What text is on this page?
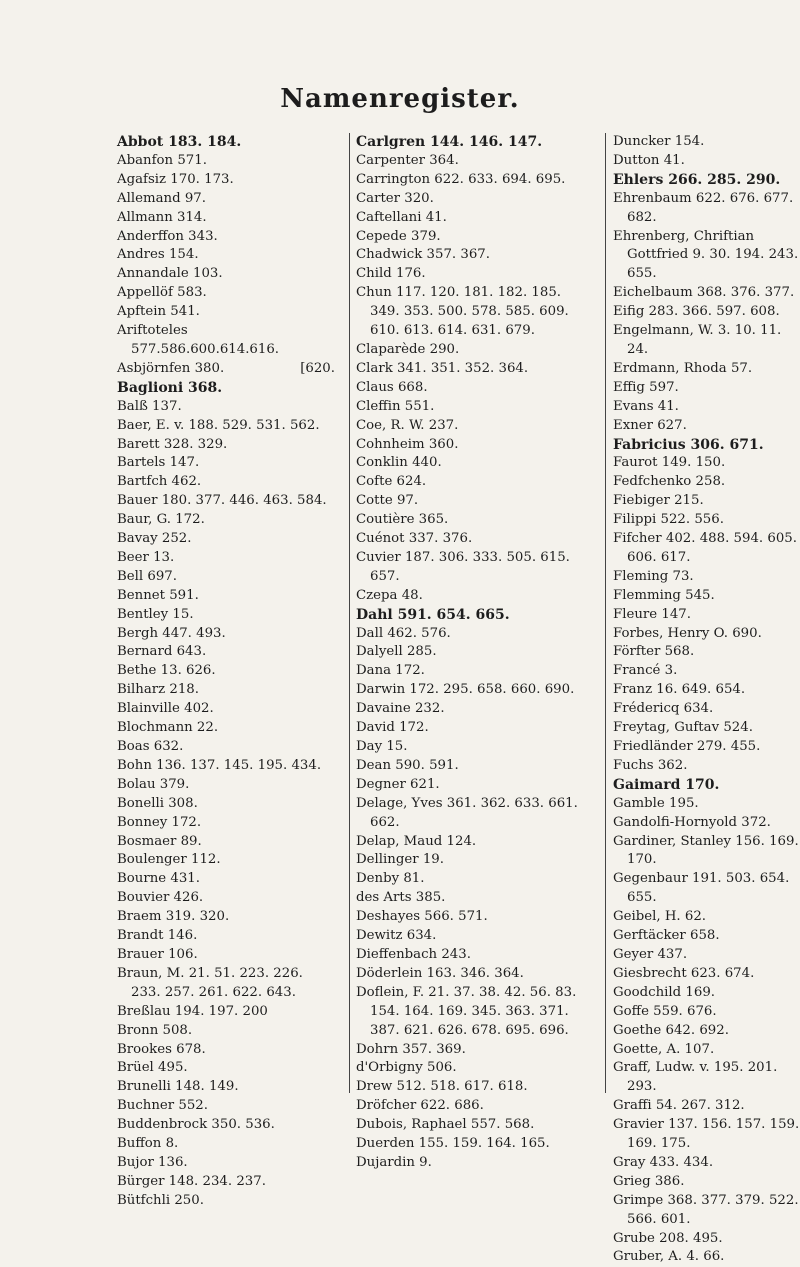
Namenregister.

Abbot 183. 184.

Abanfon 571.

Agafsiz 170. 173.

Allemand 97.

Allmann 314.

Anderffon 343.

Andres 154.

Annandale 103.

Appellöf 583.

Apftein 541.

Ariftoteles 577.586.600.614.616.

Asbjörnfen 380.	[620.

Baglioni 368.

Balß 137.

Baer, E. v. 188. 529. 531. 562.

Barett 328. 329.

Bartels 147.

Bartfch 462.

Bauer 180. 377. 446. 463. 584.

Baur, G. 172.

Bavay 252.

Beer 13.

Bell 697.

Bennet 591.

Bentley 15.

Bergh 447. 493.

Bernard 643.

Bethe 13. 626.

Bilharz 218.

Blainville 402.

Blochmann 22.

Boas 632.

Bohn 136. 137. 145. 195. 434.

Bolau 379.

Bonelli 308.

Bonney 172.

Bosmaer 89.

Boulenger 112.

Bourne 431.

Bouvier 426.

Braem 319. 320.

Brandt 146.

Brauer 106.

Braun, M. 21. 51. 223. 226. 233. 257. 261. 622. 643.

Breßlau 194. 197. 200

Bronn 508.

Brookes 678.

Brüel 495.

Brunelli 148. 149.

Buchner 552.

Buddenbrock 350. 536.

Buffon 8.

Bujor 136.

Bürger 148. 234. 237.

Bütfchli 250.

Carlgren 144. 146. 147.

Carpenter 364.

Carrington 622. 633. 694. 695.

Carter 320.

Caftellani 41.

Cepede 379.

Chadwick 357. 367.

Child 176.

Chun 117. 120. 181. 182. 185. 349. 353. 500. 578. 585. 609. 610. 613. 614. 631. 679.

Claparède 290.

Clark 341. 351. 352. 364.

Claus 668.

Cleffin 551.

Coe, R. W. 237.

Cohnheim 360.

Conklin 440.

Cofte 624.

Cotte 97.

Coutière 365.

Cuénot 337. 376.

Cuvier 187. 306. 333. 505. 615. 657.

Czepa 48.

Dahl 591. 654. 665.

Dall 462. 576.

Dalyell 285.

Dana 172.

Darwin 172. 295. 658. 660. 690.

Davaine 232.

David 172.

Day 15.

Dean 590. 591.

Degner 621.

Delage, Yves 361. 362. 633. 661. 662.

Delap, Maud 124.

Dellinger 19.

Denby 81.

des Arts 385.

Deshayes 566. 571.

Dewitz 634.

Dieffenbach 243.

Döderlein 163. 346. 364.

Doflein, F. 21. 37. 38. 42. 56. 83. 154. 164. 169. 345. 363. 371. 387. 621. 626. 678. 695. 696.

Dohrn 357. 369.

d'Orbigny 506.

Drew 512. 518. 617. 618.

Dröfcher 622. 686.

Dubois, Raphael 557. 568.

Duerden 155. 159. 164. 165.

Dujardin 9.

Duncker 154.

Dutton 41.

Ehlers 266. 285. 290.

Ehrenbaum 622. 676. 677. 682.

Ehrenberg, Chriftian Gottfried 9. 30. 194. 243. 655.

Eichelbaum 368. 376. 377.

Eifig 283. 366. 597. 608.

Engelmann, W. 3. 10. 11. 24.

Erdmann, Rhoda 57.

Effig 597.

Evans 41.

Exner 627.

Fabricius 306. 671.

Faurot 149. 150.

Fedfchenko 258.

Fiebiger 215.

Filippi 522. 556.

Fifcher 402. 488. 594. 605. 606. 617.

Fleming 73.

Flemming 545.

Fleure 147.

Forbes, Henry O. 690.

Förfter 568.

Francé 3.

Franz 16. 649. 654.

Frédericq 634.

Freytag, Guftav 524.

Friedländer 279. 455.

Fuchs 362.

Gaimard 170.

Gamble 195.

Gandolfi-Hornyold 372.

Gardiner, Stanley 156. 169. 170.

Gegenbaur 191. 503. 654. 655.

Geibel, H. 62.

Gerftäcker 658.

Geyer 437.

Giesbrecht 623. 674.

Goodchild 169.

Goffe 559. 676.

Goethe 642. 692.

Goette, A. 107.

Graff, Ludw. v. 195. 201. 293.

Graffi 54. 267. 312.

Gravier 137. 156. 157. 159. 169. 175.

Gray 433. 434.

Grieg 386.

Grimpe 368. 377. 379. 522. 566. 601.

Grube 208. 495.

Gruber, A. 4. 66.
